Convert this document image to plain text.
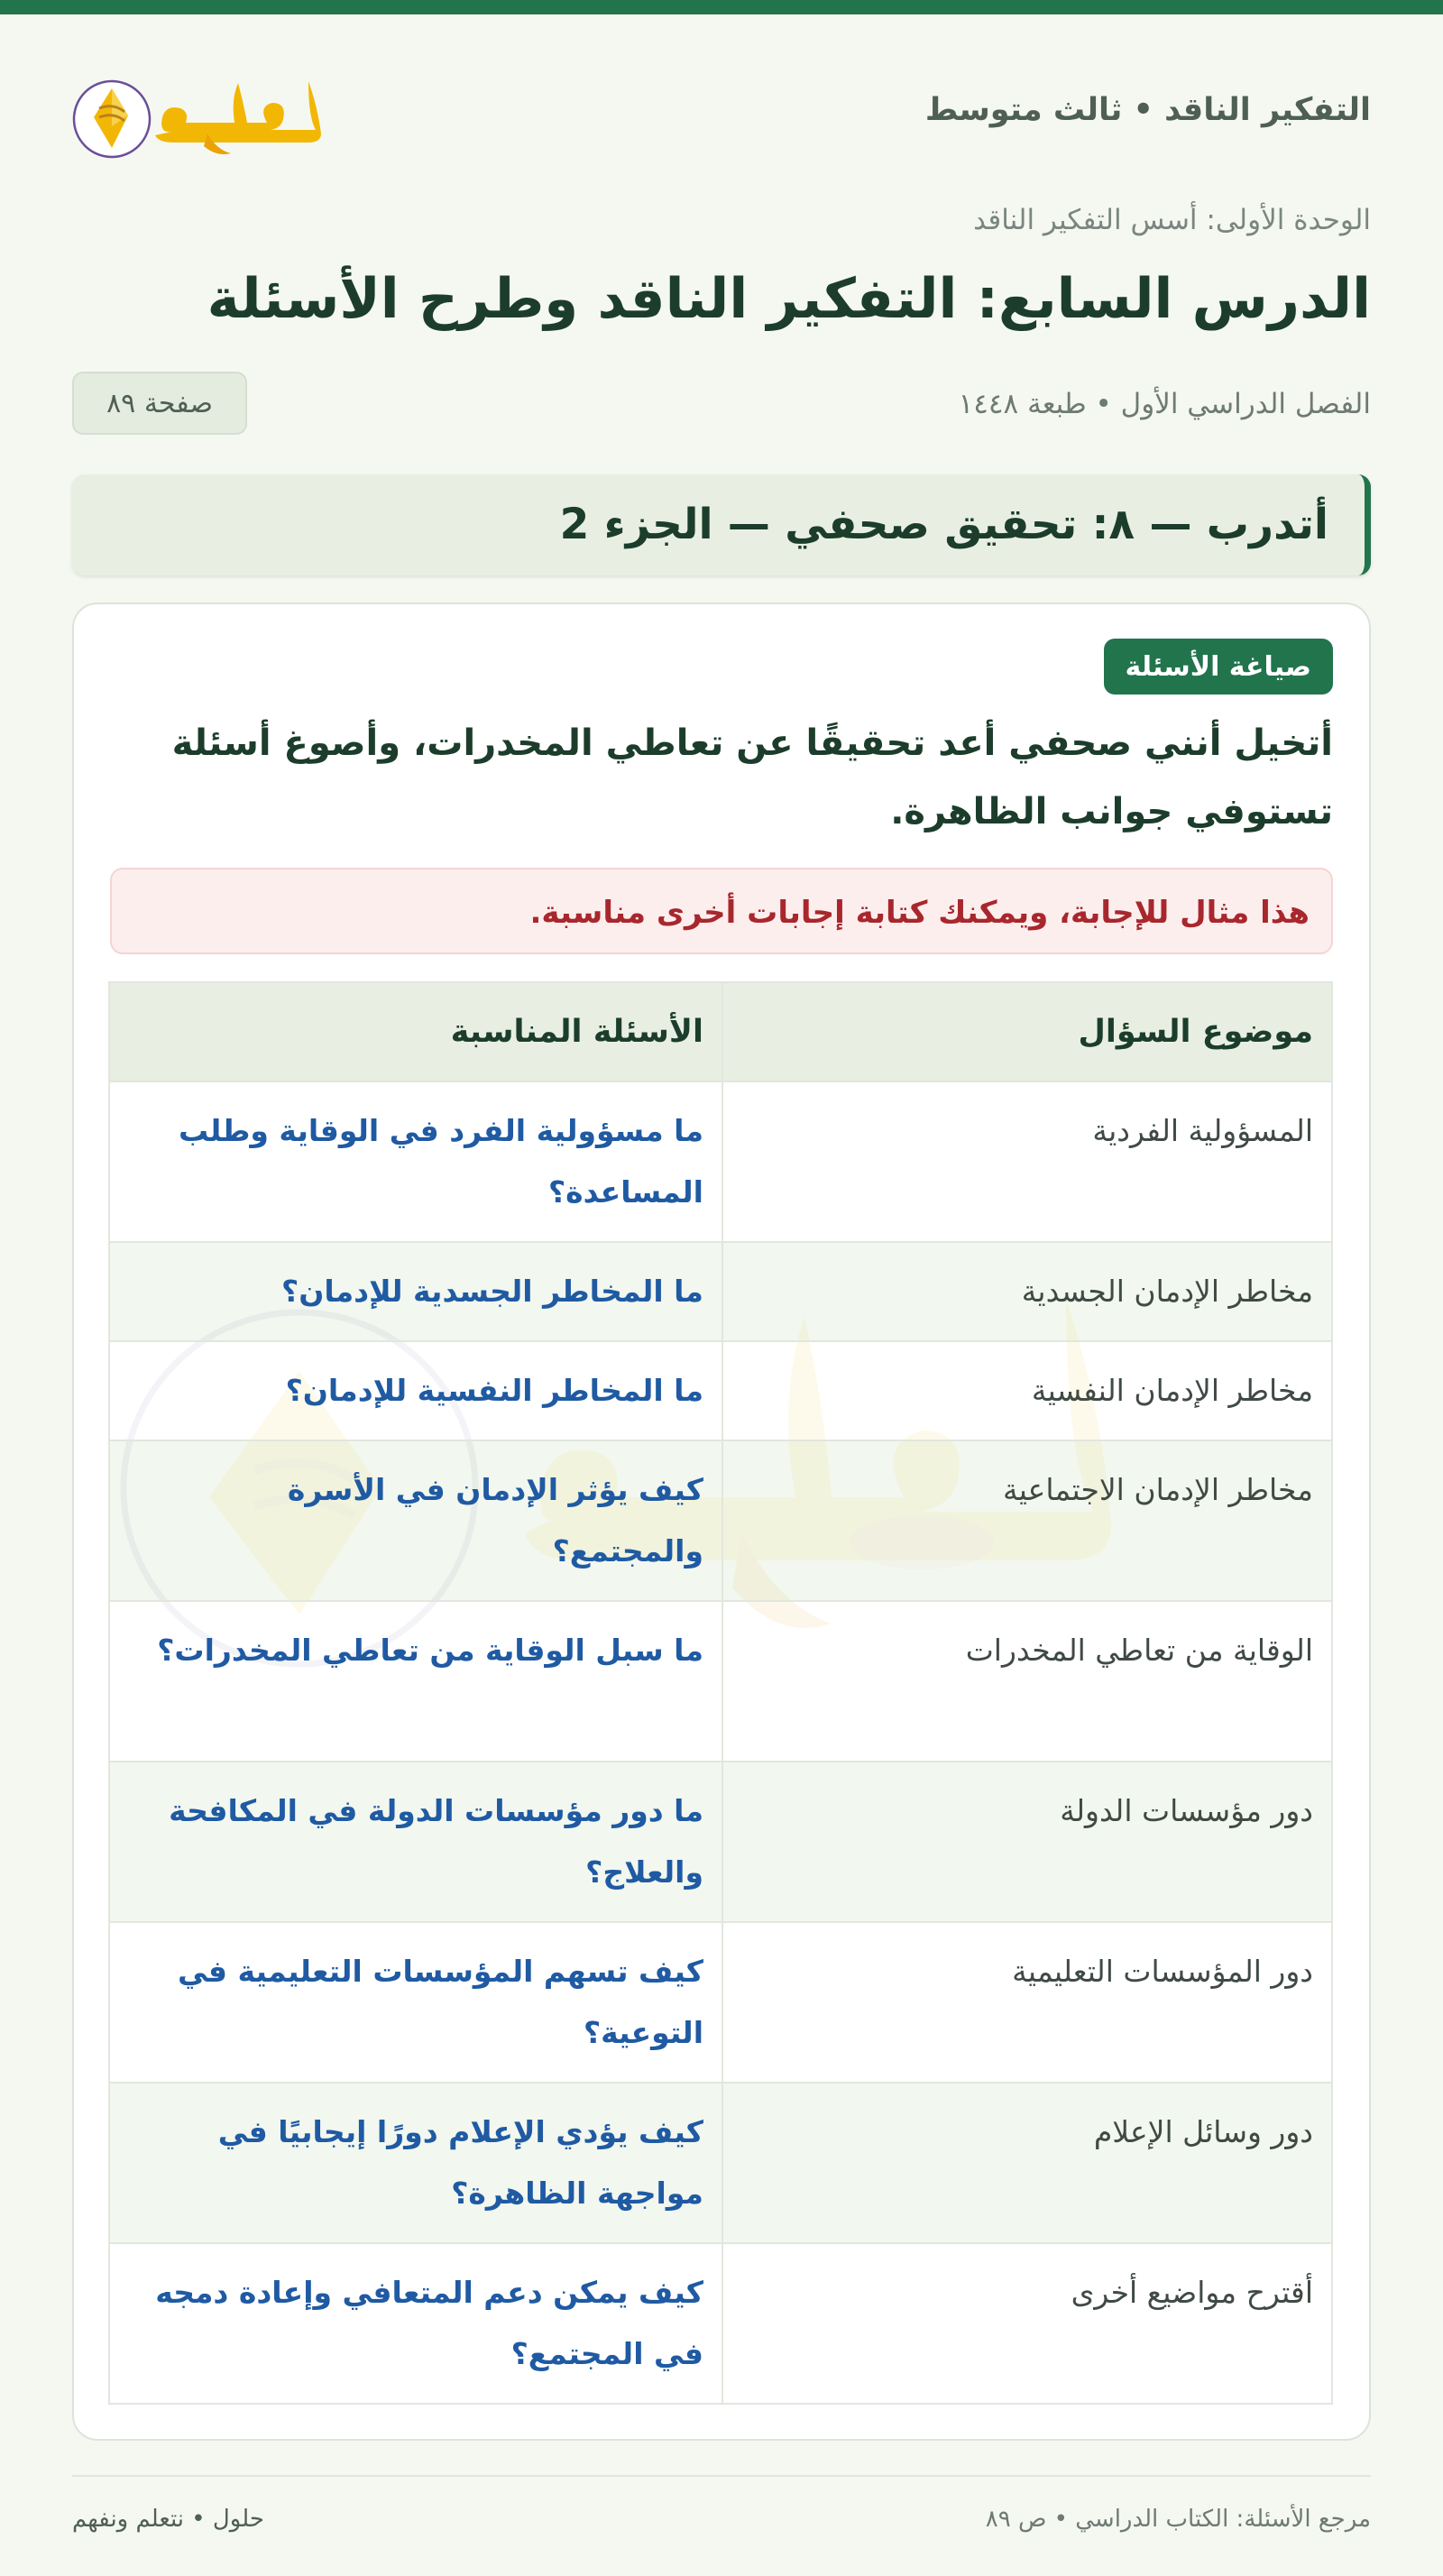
التفكير الناقد • ثالث متوسط
الوحدة الأولى: أسس التفكير الناقد
الدرس السابع: التفكير الناقد وطرح الأسئلة
الفصل الدراسي الأول • طبعة ١٤٤٨
صفحة ٨٩
أتدرب — ٨: تحقيق صحفي — الجزء 2
صياغة الأسئلة

أتخيل أنني صحفي أعد تحقيقًا عن تعاطي المخدرات، وأصوغ أسئلة تستوفي جوانب الظاهرة.

هذا مثال للإجابة، ويمكنك كتابة إجابات أخرى مناسبة.
موضوع السؤال	الأسئلة المناسبة
المسؤولية الفردية	ما مسؤولية الفرد في الوقاية وطلب المساعدة؟
مخاطر الإدمان الجسدية	ما المخاطر الجسدية للإدمان؟
مخاطر الإدمان النفسية	ما المخاطر النفسية للإدمان؟
مخاطر الإدمان الاجتماعية	كيف يؤثر الإدمان في الأسرة والمجتمع؟
الوقاية من تعاطي المخدرات	ما سبل الوقاية من تعاطي المخدرات؟
دور مؤسسات الدولة	ما دور مؤسسات الدولة في المكافحة والعلاج؟
دور المؤسسات التعليمية	كيف تسهم المؤسسات التعليمية في التوعية؟
دور وسائل الإعلام	كيف يؤدي الإعلام دورًا إيجابيًا في مواجهة الظاهرة؟
أقترح مواضيع أخرى	كيف يمكن دعم المتعافي وإعادة دمجه في المجتمع؟
مرجع الأسئلة: الكتاب الدراسي • ص ٨٩
حلول • نتعلم ونفهم
